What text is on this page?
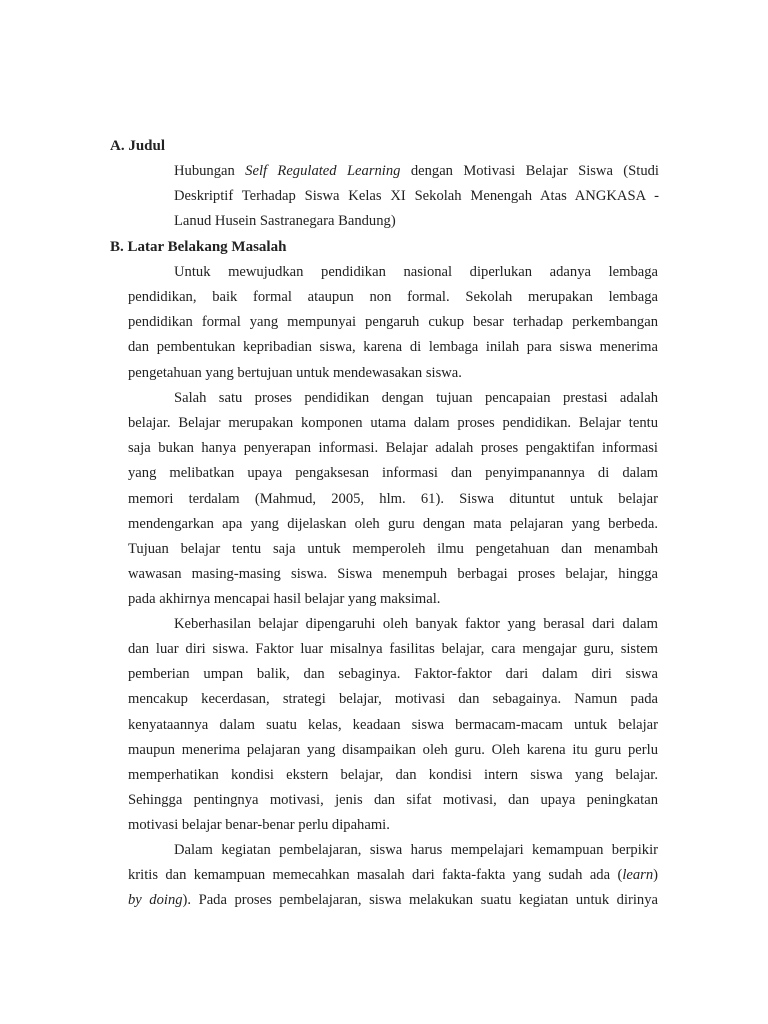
A. Judul
Hubungan Self Regulated Learning dengan Motivasi Belajar Siswa (Studi
Deskriptif Terhadap Siswa Kelas XI Sekolah Menengah Atas ANGKASA -
Lanud Husein Sastranegara Bandung)
B. Latar Belakang Masalah
Untuk mewujudkan pendidikan nasional diperlukan adanya lembaga
pendidikan, baik formal ataupun non formal. Sekolah merupakan lembaga
pendidikan formal yang mempunyai pengaruh cukup besar terhadap perkembangan
dan pembentukan kepribadian siswa, karena di lembaga inilah para siswa menerima
pengetahuan yang bertujuan untuk mendewasakan siswa.
Salah satu proses pendidikan dengan tujuan pencapaian prestasi adalah
belajar. Belajar merupakan komponen utama dalam proses pendidikan. Belajar tentu
saja bukan hanya penyerapan informasi. Belajar adalah proses pengaktifan informasi
yang melibatkan upaya pengaksesan informasi dan penyimpanannya di dalam
memori terdalam (Mahmud, 2005, hlm. 61). Siswa dituntut untuk belajar
mendengarkan apa yang dijelaskan oleh guru dengan mata pelajaran yang berbeda.
Tujuan belajar tentu saja untuk memperoleh ilmu pengetahuan dan menambah
wawasan masing-masing siswa. Siswa menempuh berbagai proses belajar, hingga
pada akhirnya mencapai hasil belajar yang maksimal.
Keberhasilan belajar dipengaruhi oleh banyak faktor yang berasal dari dalam
dan luar diri siswa. Faktor luar misalnya fasilitas belajar, cara mengajar guru, sistem
pemberian umpan balik, dan sebaginya. Faktor-faktor dari dalam diri siswa
mencakup kecerdasan, strategi belajar, motivasi dan sebagainya. Namun pada
kenyataannya dalam suatu kelas, keadaan siswa bermacam-macam untuk belajar
maupun menerima pelajaran yang disampaikan oleh guru. Oleh karena itu guru perlu
memperhatikan kondisi ekstern belajar, dan kondisi intern siswa yang belajar.
Sehingga pentingnya motivasi, jenis dan sifat motivasi, dan upaya peningkatan
motivasi belajar benar-benar perlu dipahami.
Dalam kegiatan pembelajaran, siswa harus mempelajari kemampuan berpikir
kritis dan kemampuan memecahkan masalah dari fakta-fakta yang sudah ada (learn)
by doing). Pada proses pembelajaran, siswa melakukan suatu kegiatan untuk dirinya
